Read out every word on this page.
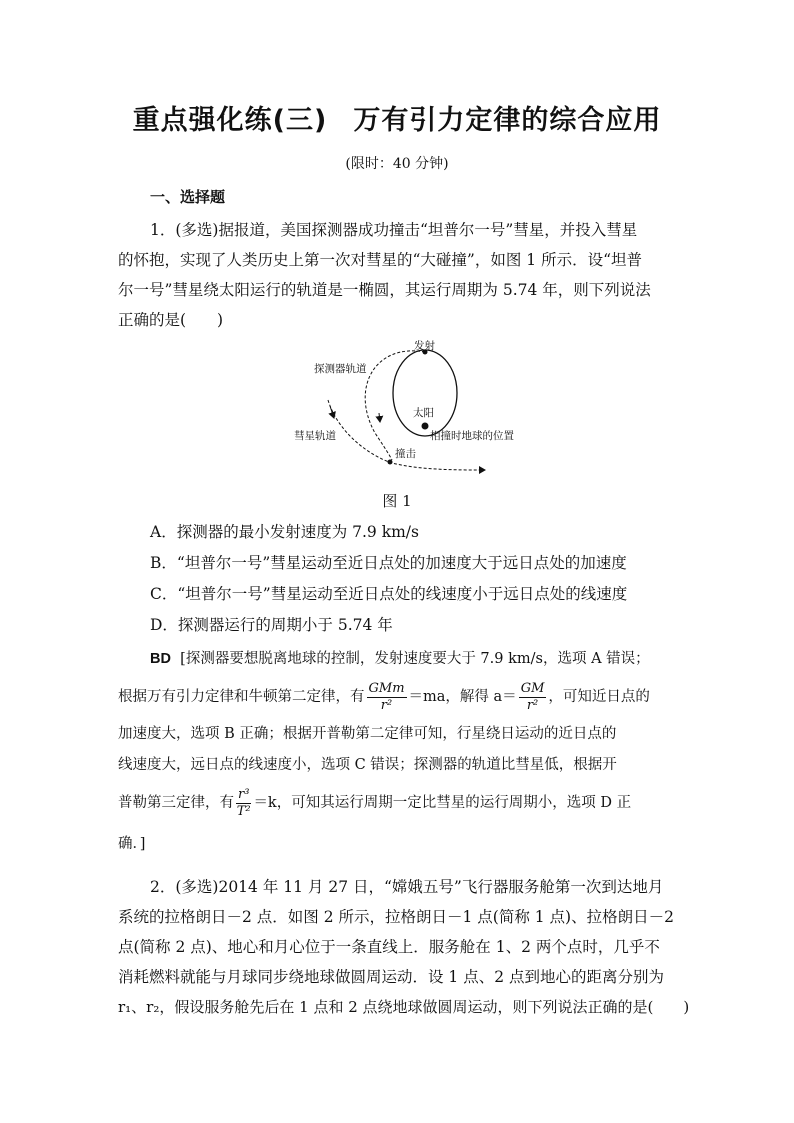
重点强化练(三) 万有引力定律的综合应用
(限时：40 分钟)
一、选择题
1．(多选)据报道，美国探测器成功撞击“坦普尔一号”彗星，并投入彗星
的怀抱，实现了人类历史上第一次对彗星的“大碰撞”，如图 1 所示．设“坦普
尔一号”彗星绕太阳运行的轨道是一椭圆，其运行周期为 5.74 年，则下列说法
正确的是(　　)
发射
探测器轨道
太阳
彗星轨道	相撞时地球的位置
撞击
图 1
A．探测器的最小发射速度为 7.9 km/s
B．“坦普尔一号”彗星运动至近日点处的加速度大于远日点处的加速度
C．“坦普尔一号”彗星运动至近日点处的线速度小于远日点处的线速度
D．探测器运行的周期小于 5.74 年
BD [探测器要想脱离地球的控制，发射速度要大于 7.9 km/s，选项 A 错误；
根据万有引力定律和牛顿第二定律，有 $\frac{\text{GMm}}{\text{r²}} =ma$，解得 $a= \frac{GM}{\text{r²}}$ ，可知近日点的
加速度大，选项 B 正确；根据开普勒第二定律可知，行星绕日运动的近日点的
线速度大，远日点的线速度小，选项 C 错误；探测器的轨道比彗星低，根据开
普勒第三定律，有 $\frac{\text{r³}}{\text{T²}} =k$，可知其运行周期一定比彗星的运行周期小，选项 D 正
确．]
2．(多选)2014 年 11 月 27 日，“嫦娥五号”飞行器服务舱第一次到达地月
系统的拉格朗日－2 点．如图 2 所示，拉格朗日－1 点(简称 1 点)、拉格朗日－2
点(简称 2 点)、地心和月心位于一条直线上．服务舱在 1、2 两个点时，几乎不
消耗燃料就能与月球同步绕地球做圆周运动．设 1 点、2 点到地心的距离分别为
r₁、r₂，假设服务舱先后在 1 点和 2 点绕地球做圆周运动，则下列说法正确的是(　　)
